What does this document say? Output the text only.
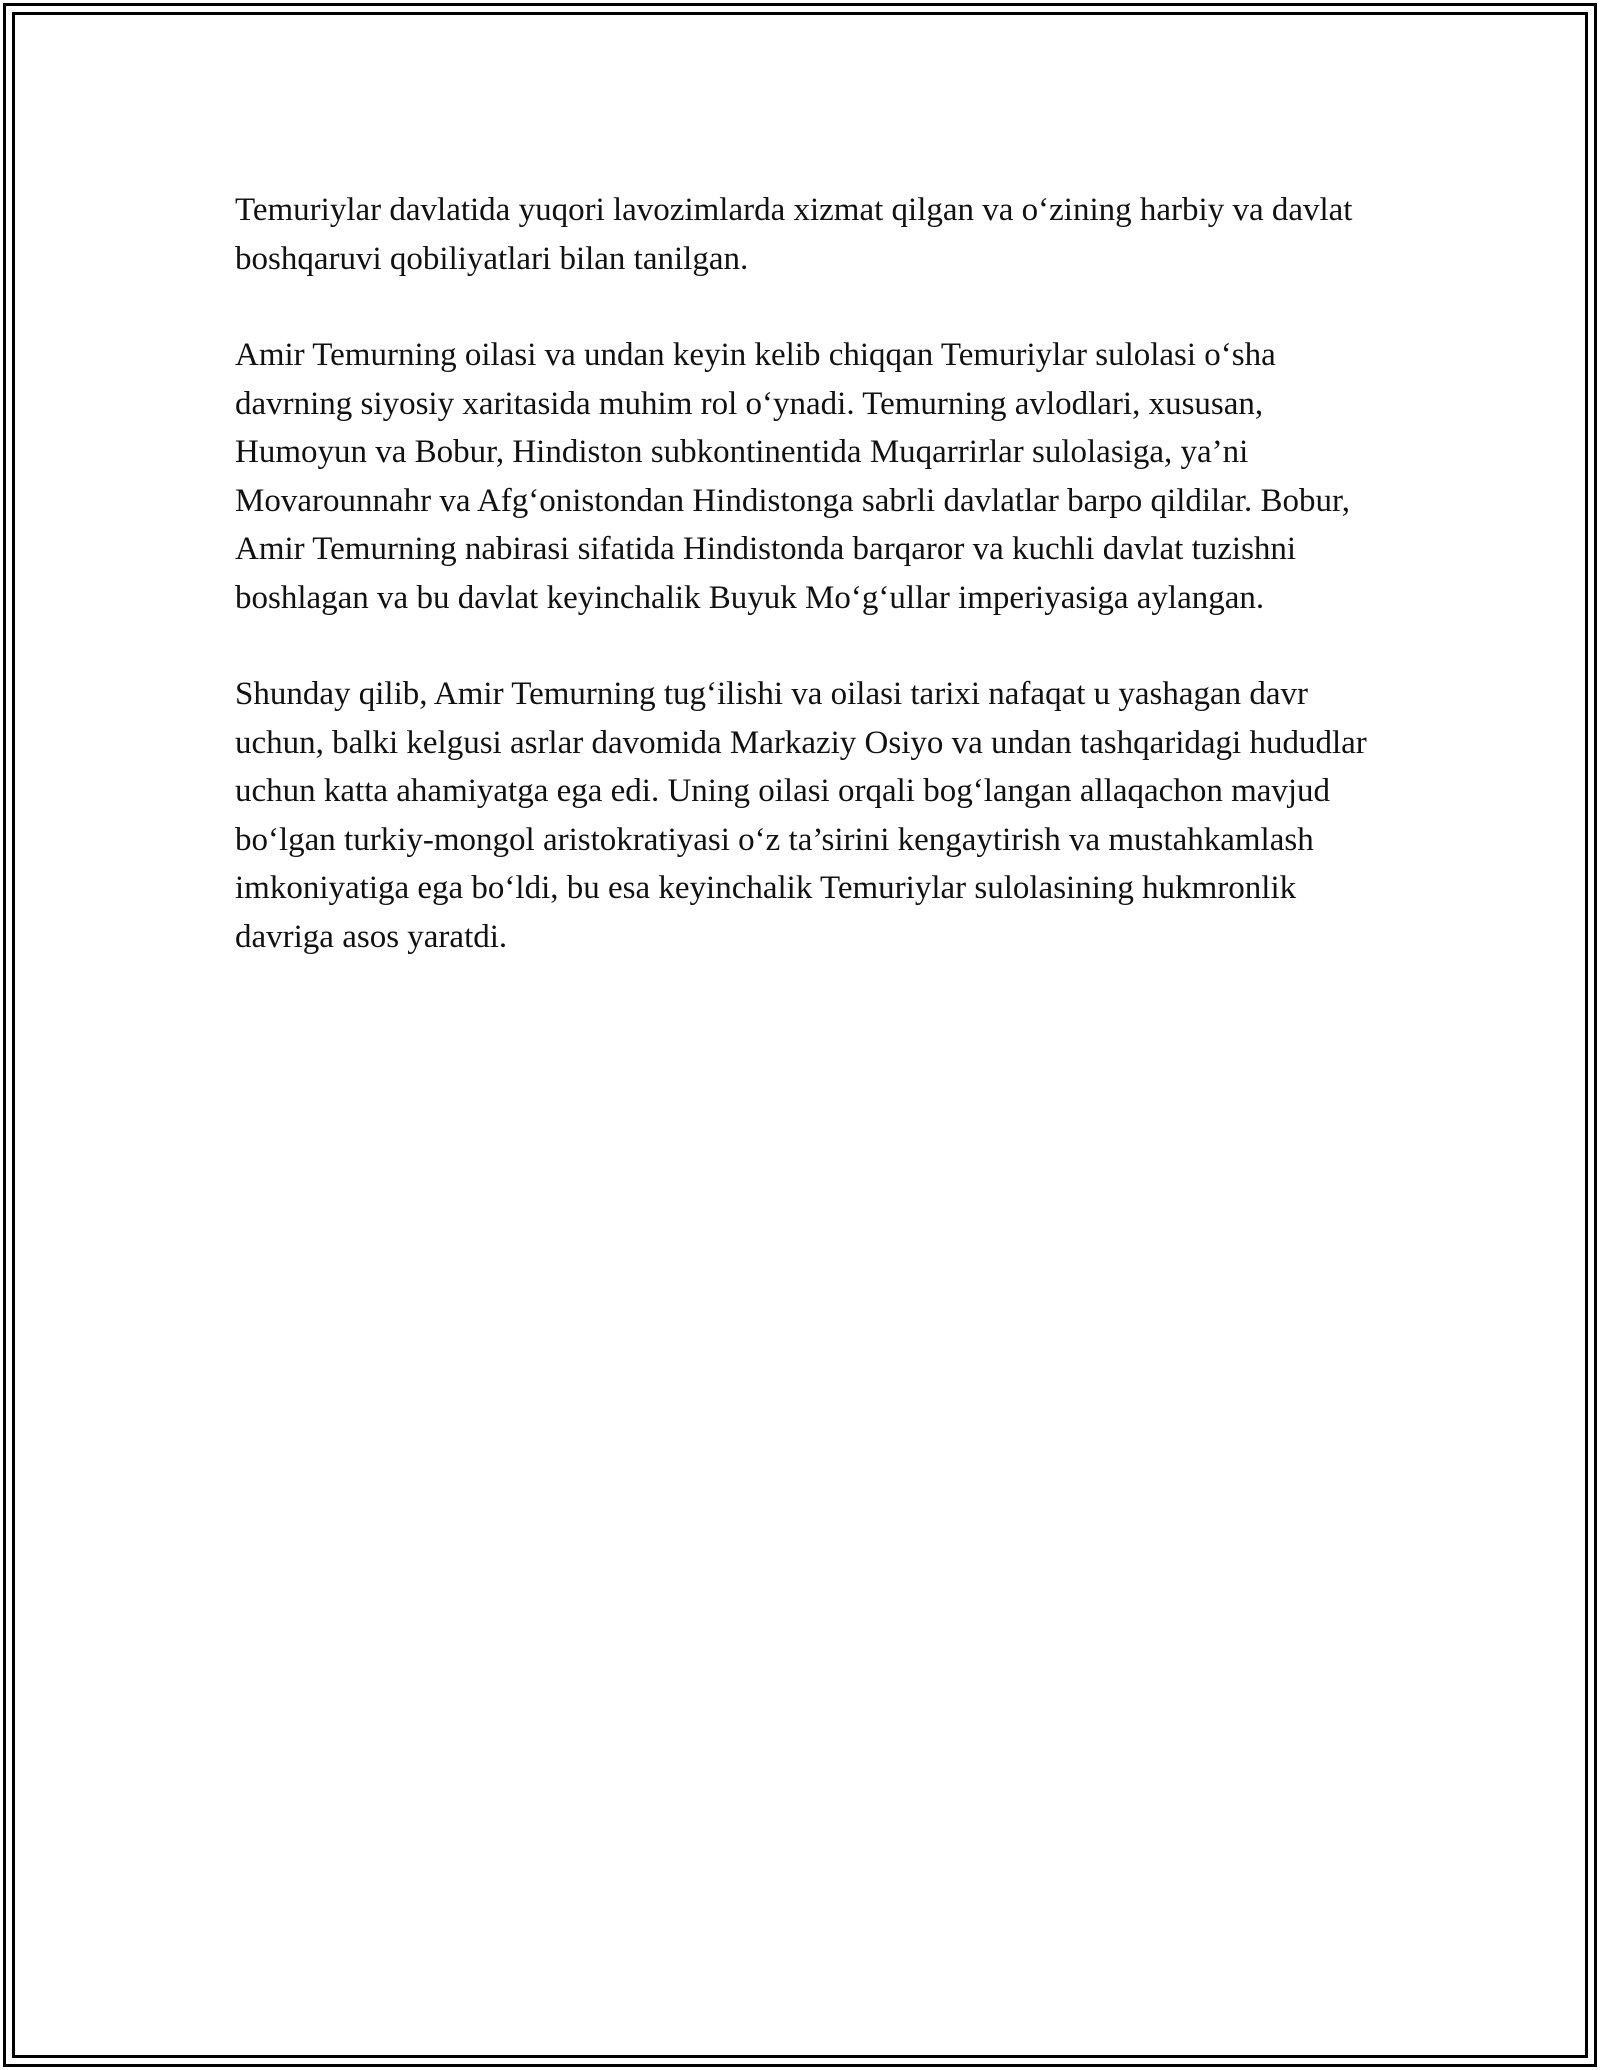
Temuriylar davlatida yuqori lavozimlarda xizmat qilgan va o‘zining harbiy va davlat boshqaruvi qobiliyatlari bilan tanilgan.

Amir Temurning oilasi va undan keyin kelib chiqqan Temuriylar sulolasi o‘sha davrning siyosiy xaritasida muhim rol o‘ynadi. Temurning avlodlari, xususan, Humoyun va Bobur, Hindiston subkontinentida Muqarrirlar sulolasiga, ya’ni Movarounnahr va Afg‘onistondan Hindistonga sabrli davlatlar barpo qildilar. Bobur, Amir Temurning nabirasi sifatida Hindistonda barqaror va kuchli davlat tuzishni boshlagan va bu davlat keyinchalik Buyuk Mo‘g‘ullar imperiyasiga aylangan.

Shunday qilib, Amir Temurning tug‘ilishi va oilasi tarixi nafaqat u yashagan davr uchun, balki kelgusi asrlar davomida Markaziy Osiyo va undan tashqaridagi hududlar uchun katta ahamiyatga ega edi. Uning oilasi orqali bog‘langan allaqachon mavjud bo‘lgan turkiy-mongol aristokratiyasi o‘z ta’sirini kengaytirish va mustahkamlash imkoniyatiga ega bo‘ldi, bu esa keyinchalik Temuriylar sulolasining hukmronlik davriga asos yaratdi.
